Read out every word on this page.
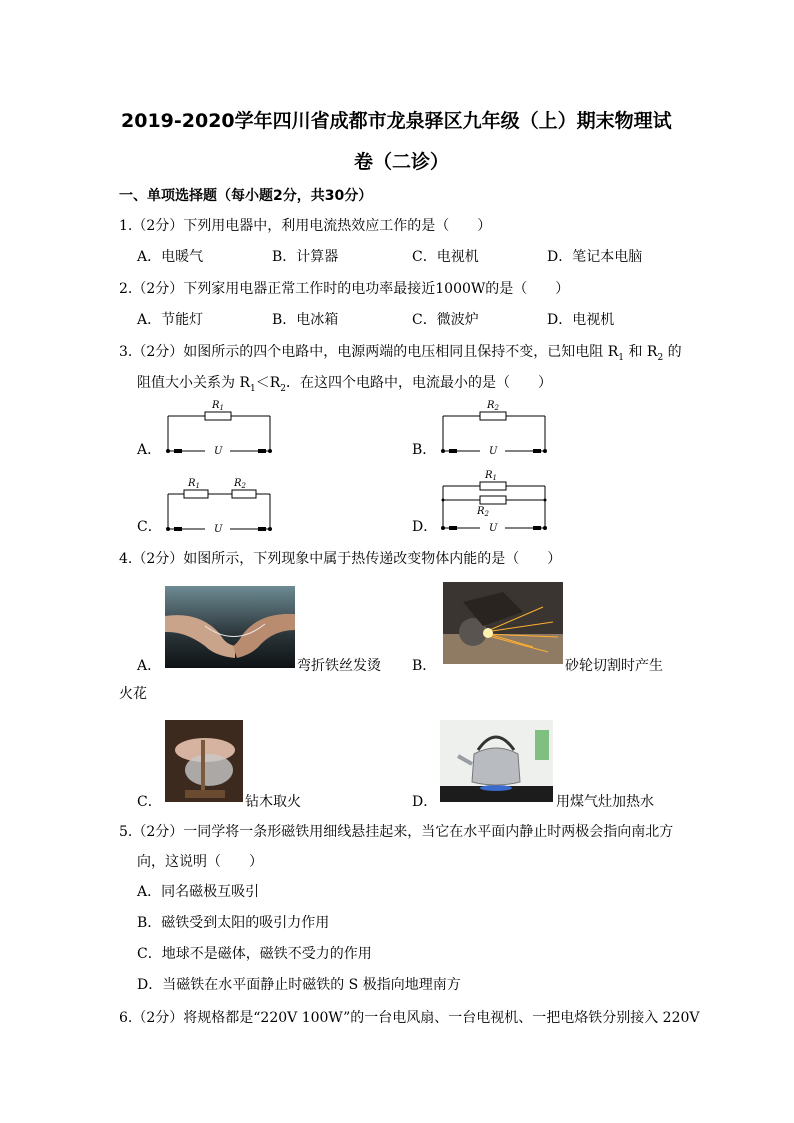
2019-2020学年四川省成都市龙泉驿区九年级（上）期末物理试
卷（二诊）
一、单项选择题（每小题2分，共30分）
1.（2分）下列用电器中，利用电流热效应工作的是（　　）
A．电暖气	B．计算器	C．电视机	D．笔记本电脑
2.（2分）下列家用电器正常工作时的电功率最接近1000W的是（　　）
A．节能灯	B．电冰箱	C．微波炉	D．电视机
3.（2分）如图所示的四个电路中，电源两端的电压相同且保持不变，已知电阻 $R_1$ 和 $R_2$ 的
阻值大小关系为 $R_1<R_2$．在这四个电路中，电流最小的是（　　）
A．	B．
C．	D．
$R_1$
U
$R_2$
U
$R_1$	$R_2$
U
$R_1$
$R_2$
U
4.（2分）如图所示，下列现象中属于热传递改变物体内能的是（　　）
A．	弯折铁丝发烫 B．	砂轮切割时产生
火花
C．	钻木取火	D．	用煤气灶加热水
5.（2分）一同学将一条形磁铁用细线悬挂起来，当它在水平面内静止时两极会指向南北方
向，这说明（　　）
A．同名磁极互吸引
B．磁铁受到太阳的吸引力作用
C．地球不是磁体，磁铁不受力的作用
D．当磁铁在水平面静止时磁铁的 S 极指向地理南方
6.（2分）将规格都是“220V 100W”的一台电风扇、一台电视机、一把电烙铁分别接入 220V
